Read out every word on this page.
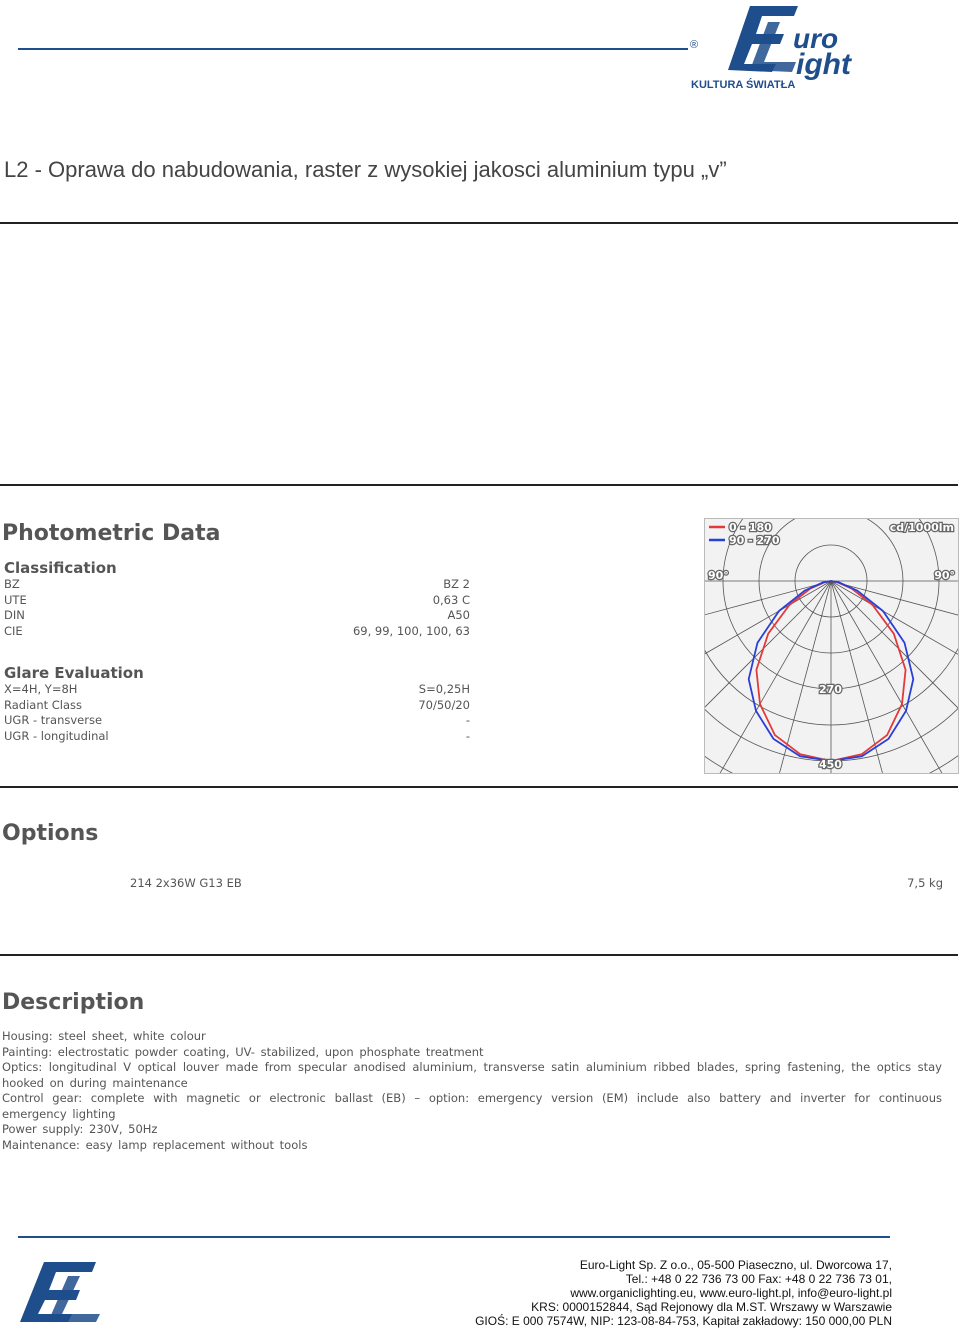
®	uro
ight
KULTURA ŚWIATŁA
L2 - Oprawa do nabudowania, raster z wysokiej jakosci aluminium typu „v”
Photometric Data
Classification
BZ	BZ 2
UTE	0,63 C
DIN	A50
CIE	69, 99, 100, 100, 63
Glare Evaluation
X=4H, Y=8H	S=0,25H
Radiant Class	70/50/20
UGR - transverse	-
UGR - longitudinal	-
0 - 180
90 - 270
cd/1000lm
90°	90°
270
450
Options
214 2x36W G13 EB	7,5 kg
Description
Housing: steel sheet, white colour
Painting: electrostatic powder coating, UV- stabilized, upon phosphate treatment
Optics: longitudinal V optical louver made from specular anodised aluminium, transverse satin aluminium ribbed blades, spring fastening, the optics stay hooked on during maintenance
Control gear: complete with magnetic or electronic ballast (EB) – option: emergency version (EM) include also battery and inverter for continuous emergency lighting
Power supply: 230V, 50Hz
Maintenance: easy lamp replacement without tools
Euro-Light Sp. Z o.o., 05-500 Piaseczno, ul. Dworcowa 17,
Tel.: +48 0 22 736 73 00 Fax: +48 0 22 736 73 01,
www.organiclighting.eu, www.euro-light.pl, info@euro-light.pl
KRS: 0000152844, Sąd Rejonowy dla M.ST. Wrszawy w Warszawie
GIOŚ: E 000 7574W, NIP: 123-08-84-753, Kapitał zakładowy: 150 000,00 PLN
